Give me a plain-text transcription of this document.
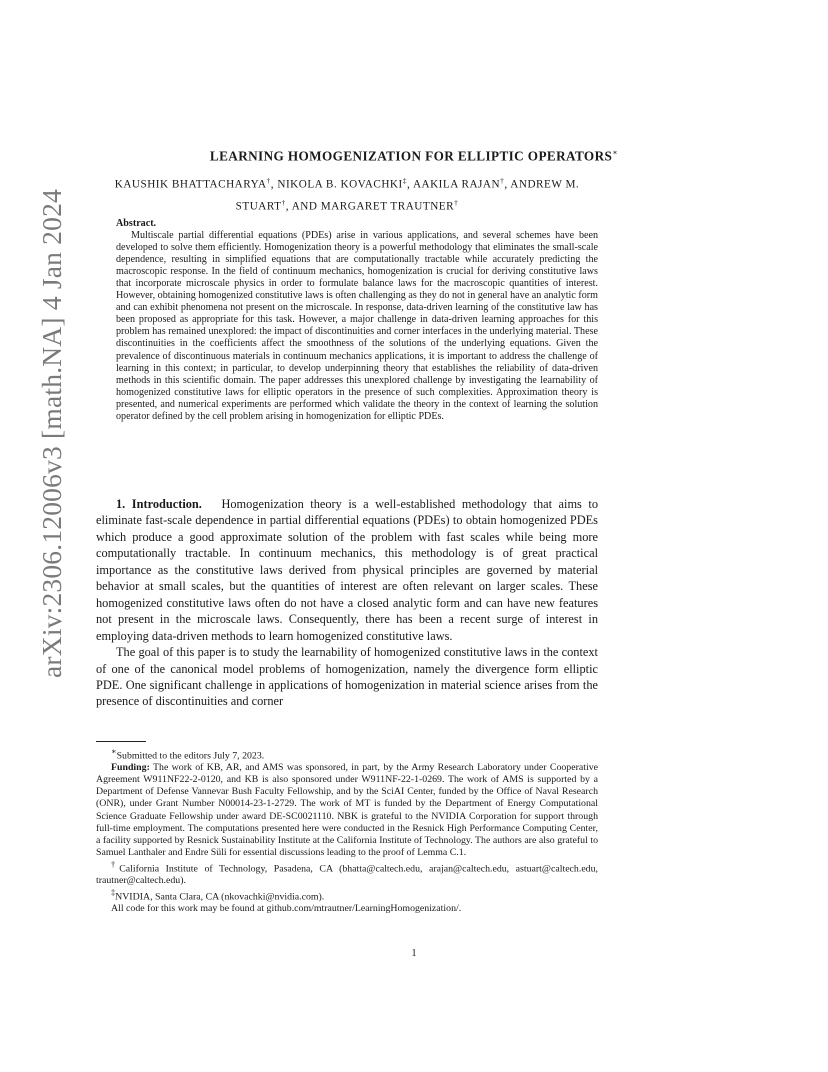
arXiv:2306.12006v3 [math.NA] 4 Jan 2024
LEARNING HOMOGENIZATION FOR ELLIPTIC OPERATORS∗
KAUSHIK BHATTACHARYA†, NIKOLA B. KOVACHKI‡, AAKILA RAJAN†, ANDREW M. STUART†, AND MARGARET TRAUTNER†
Abstract.

Multiscale partial differential equations (PDEs) arise in various applications, and several schemes have been developed to solve them efficiently. Homogenization theory is a powerful methodology that eliminates the small-scale dependence, resulting in simplified equations that are computationally tractable while accurately predicting the macroscopic response. In the field of continuum mechanics, homogenization is crucial for deriving constitutive laws that incorporate microscale physics in order to formulate balance laws for the macroscopic quantities of interest. However, obtaining homogenized constitutive laws is often challenging as they do not in general have an analytic form and can exhibit phenomena not present on the microscale. In response, data-driven learning of the constitutive law has been proposed as appropriate for this task. However, a major challenge in data-driven learning approaches for this problem has remained unexplored: the impact of discontinuities and corner interfaces in the underlying material. These discontinuities in the coefficients affect the smoothness of the solutions of the underlying equations. Given the prevalence of discontinuous materials in continuum mechanics applications, it is important to address the challenge of learning in this context; in particular, to develop underpinning theory that establishes the reliability of data-driven methods in this scientific domain. The paper addresses this unexplored challenge by investigating the learnability of homogenized constitutive laws for elliptic operators in the presence of such complexities. Approximation theory is presented, and numerical experiments are performed which validate the theory in the context of learning the solution operator defined by the cell problem arising in homogenization for elliptic PDEs.

1. Introduction. Homogenization theory is a well-established methodology that aims to eliminate fast-scale dependence in partial differential equations (PDEs) to obtain homogenized PDEs which produce a good approximate solution of the problem with fast scales while being more computationally tractable. In continuum mechanics, this methodology is of great practical importance as the constitutive laws derived from physical principles are governed by material behavior at small scales, but the quantities of interest are often relevant on larger scales. These homogenized constitutive laws often do not have a closed analytic form and can have new features not present in the microscale laws. Consequently, there has been a recent surge of interest in employing data-driven methods to learn homogenized constitutive laws.

The goal of this paper is to study the learnability of homogenized constitutive laws in the context of one of the canonical model problems of homogenization, namely the divergence form elliptic PDE. One significant challenge in applications of homogenization in material science arises from the presence of discontinuities and corner

∗Submitted to the editors July 7, 2023.

Funding: The work of KB, AR, and AMS was sponsored, in part, by the Army Research Laboratory under Cooperative Agreement W911NF22-2-0120, and KB is also sponsored under W911NF-22-1-0269. The work of AMS is supported by a Department of Defense Vannevar Bush Faculty Fellowship, and by the SciAI Center, funded by the Office of Naval Research (ONR), under Grant Number N00014-23-1-2729. The work of MT is funded by the Department of Energy Computational Science Graduate Fellowship under award DE-SC0021110. NBK is grateful to the NVIDIA Corporation for support through full-time employment. The computations presented here were conducted in the Resnick High Performance Computing Center, a facility supported by Resnick Sustainability Institute at the California Institute of Technology. The authors are also grateful to Samuel Lanthaler and Endre Süli for essential discussions leading to the proof of Lemma C.1.

†California Institute of Technology, Pasadena, CA (bhatta@caltech.edu, arajan@caltech.edu, astuart@caltech.edu, trautner@caltech.edu).

‡NVIDIA, Santa Clara, CA (nkovachki@nvidia.com).

All code for this work may be found at github.com/mtrautner/LearningHomogenization/.

1
